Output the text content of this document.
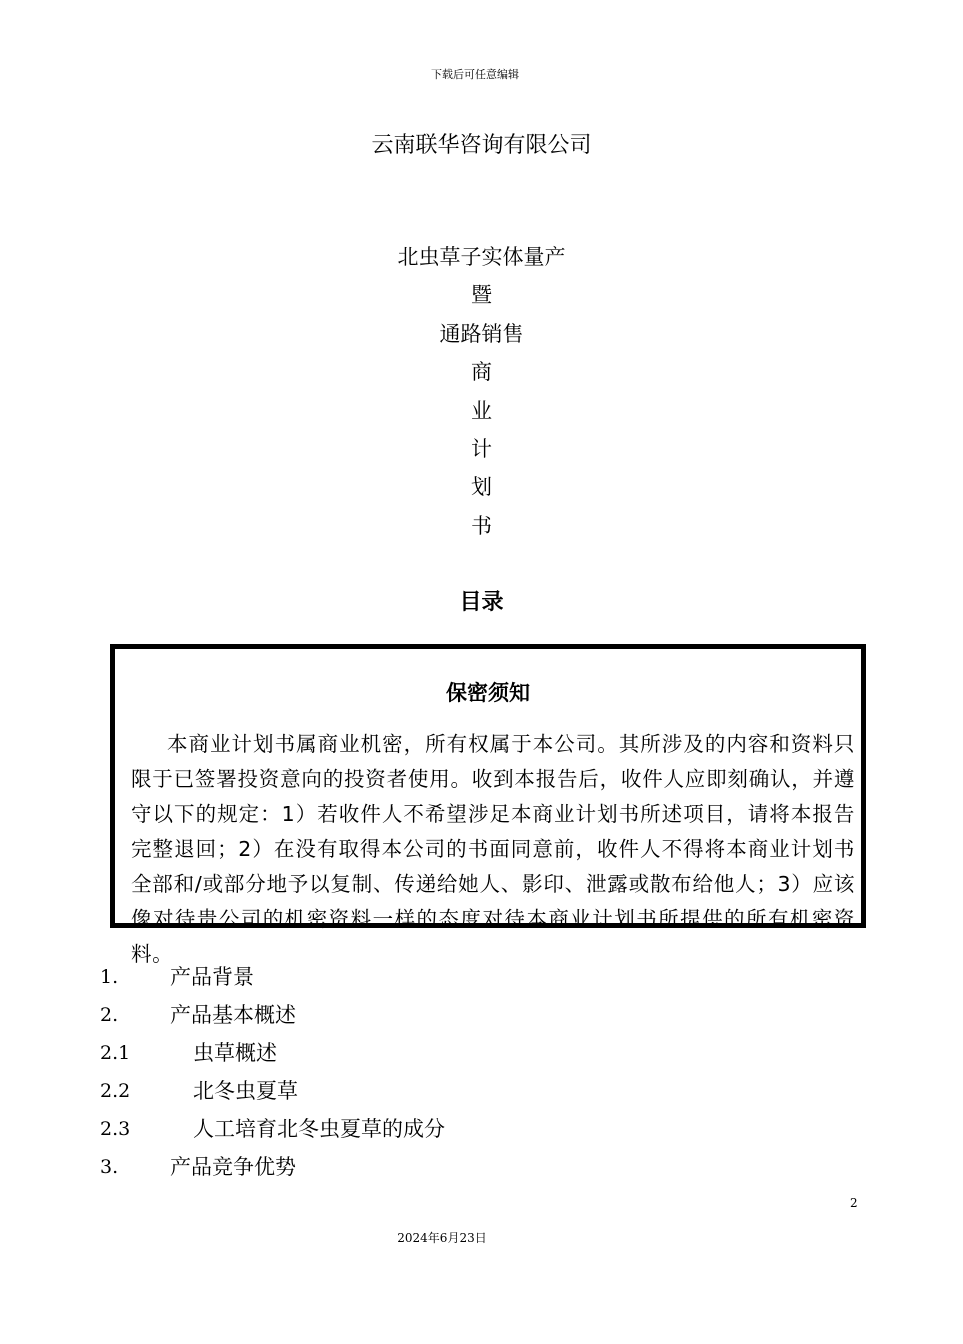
下载后可任意编辑
云南联华咨询有限公司
北虫草子实体量产
暨
通路销售
商
业
计
划
书
目录
保密须知
本商业计划书属商业机密，所有权属于本公司。其所涉及的内容和资料只限于已签署投资意向的投资者使用。收到本报告后，收件人应即刻确认，并遵守以下的规定：1）若收件人不希望涉足本商业计划书所述项目，请将本报告完整退回；2）在没有取得本公司的书面同意前，收件人不得将本商业计划书全部和/或部分地予以复制、传递给她人、影印、泄露或散布给他人；3）应该像对待贵公司的机密资料一样的态度对待本商业计划书所提供的所有机密资料。
1. 产品背景
2. 产品基本概述
2.1	虫草概述
2.2	北冬虫夏草
2.3	人工培育北冬虫夏草的成分
3. 产品竞争优势
2
2024年6月23日
